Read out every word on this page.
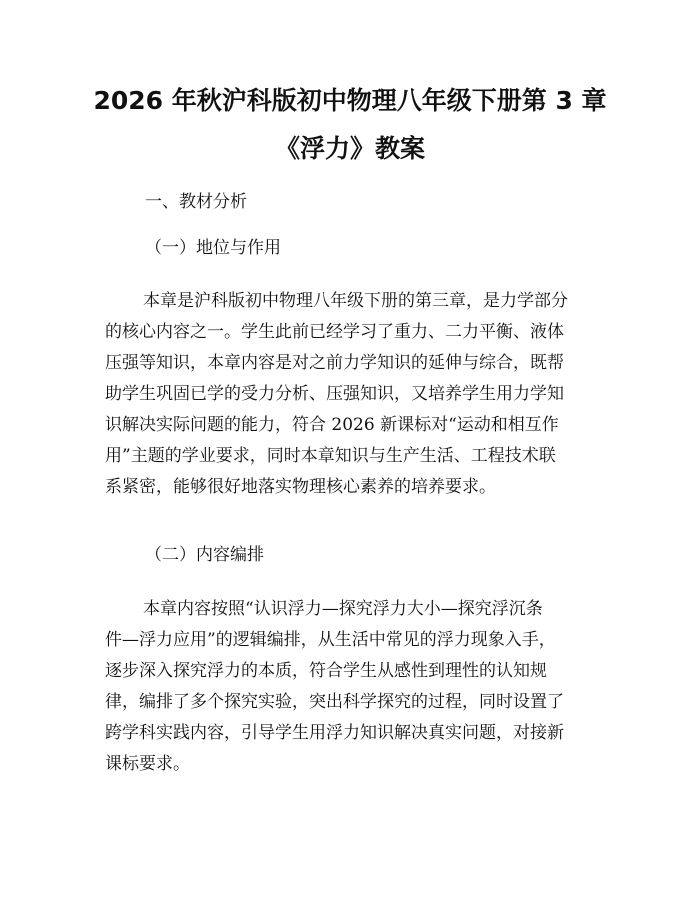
2026 年秋沪科版初中物理八年级下册第 3 章
《浮力》教案
一、教材分析
（一）地位与作用
本章是沪科版初中物理八年级下册的第三章，是力学部分
的核心内容之一。学生此前已经学习了重力、二力平衡、液体
压强等知识，本章内容是对之前力学知识的延伸与综合，既帮
助学生巩固已学的受力分析、压强知识，又培养学生用力学知
识解决实际问题的能力，符合 2026 新课标对“运动和相互作
用”主题的学业要求，同时本章知识与生产生活、工程技术联
系紧密，能够很好地落实物理核心素养的培养要求。
（二）内容编排
本章内容按照“认识浮力—探究浮力大小—探究浮沉条
件—浮力应用”的逻辑编排，从生活中常见的浮力现象入手，
逐步深入探究浮力的本质，符合学生从感性到理性的认知规
律，编排了多个探究实验，突出科学探究的过程，同时设置了
跨学科实践内容，引导学生用浮力知识解决真实问题，对接新
课标要求。
